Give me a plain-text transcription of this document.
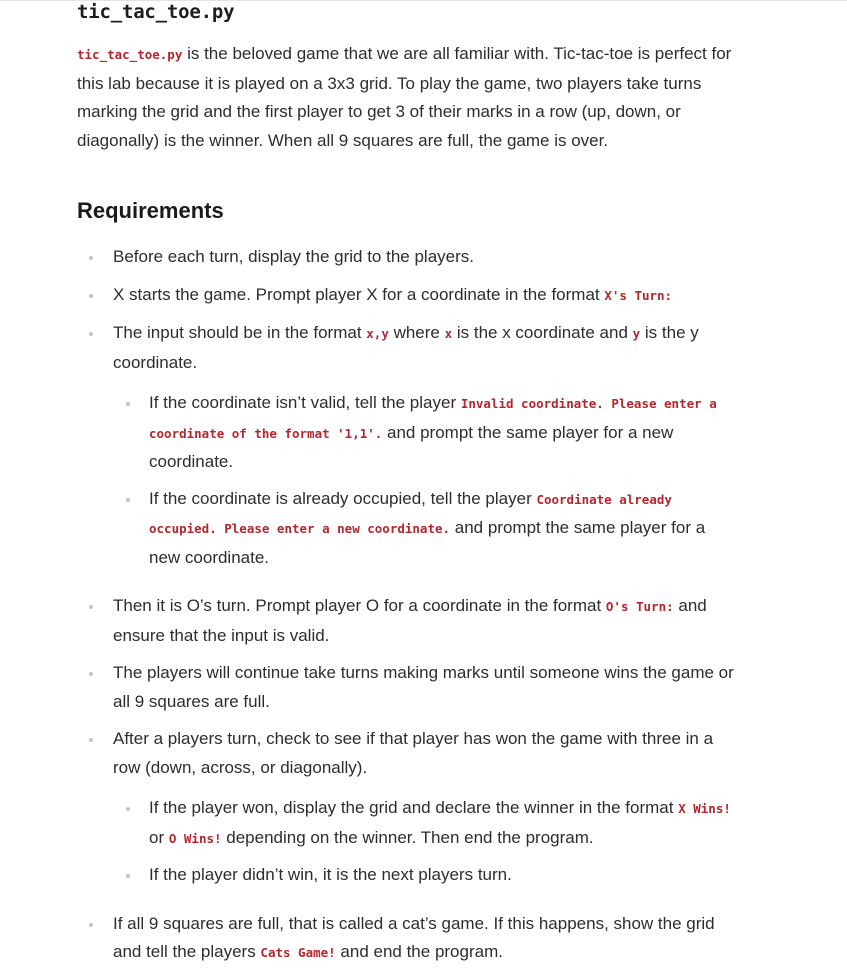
tic_tac_toe.py

tic_tac_toe.py is the beloved game that we are all familiar with. Tic-tac-toe is perfect for this lab because it is played on a 3x3 grid. To play the game, two players take turns marking the grid and the first player to get 3 of their marks in a row (up, down, or diagonally) is the winner. When all 9 squares are full, the game is over.

Requirements
Before each turn, display the grid to the players.
X starts the game. Prompt player X for a coordinate in the format X's Turn:
The input should be in the format x,y where x is the x coordinate and y is the y coordinate.
If the coordinate isn’t valid, tell the player Invalid coordinate. Please enter a coordinate of the format '1,1'. and prompt the same player for a new coordinate.
If the coordinate is already occupied, tell the player Coordinate already occupied. Please enter a new coordinate. and prompt the same player for a new coordinate.
Then it is O’s turn. Prompt player O for a coordinate in the format O's Turn: and ensure that the input is valid.
The players will continue take turns making marks until someone wins the game or all 9 squares are full.
After a players turn, check to see if that player has won the game with three in a row (down, across, or diagonally).
If the player won, display the grid and declare the winner in the format X Wins! or O Wins! depending on the winner. Then end the program.
If the player didn’t win, it is the next players turn.
If all 9 squares are full, that is called a cat’s game. If this happens, show the grid and tell the players Cats Game! and end the program.
